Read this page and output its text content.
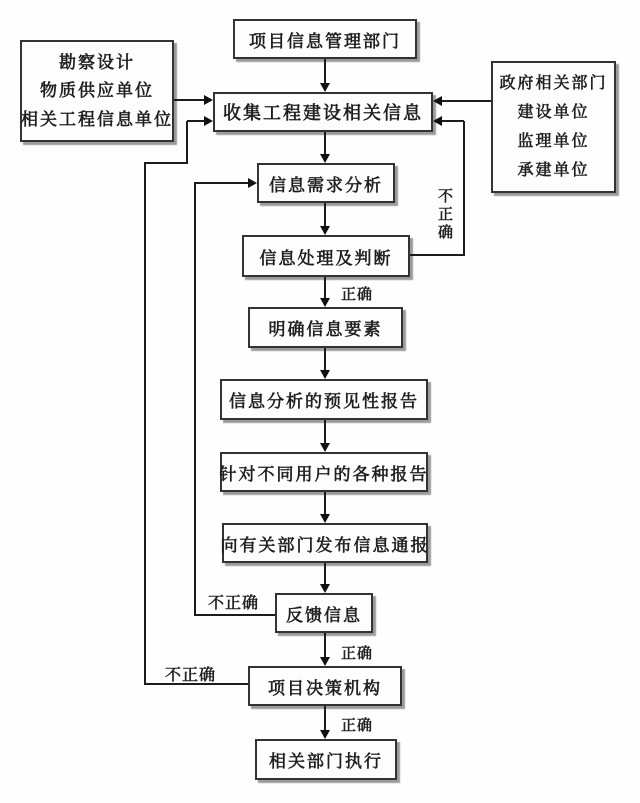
项目信息管理部门
勘察设计
物质供应单位
相关工程信息单位
政府相关部门
建设单位
监理单位
承建单位
收集工程建设相关信息
信息需求分析
信息处理及判断
明确信息要素
信息分析的预见性报告
针对不同用户的各种报告
向有关部门发布信息通报
反馈信息
项目决策机构
相关部门执行
不正确
正确
不正确
正确
不正确
正确
